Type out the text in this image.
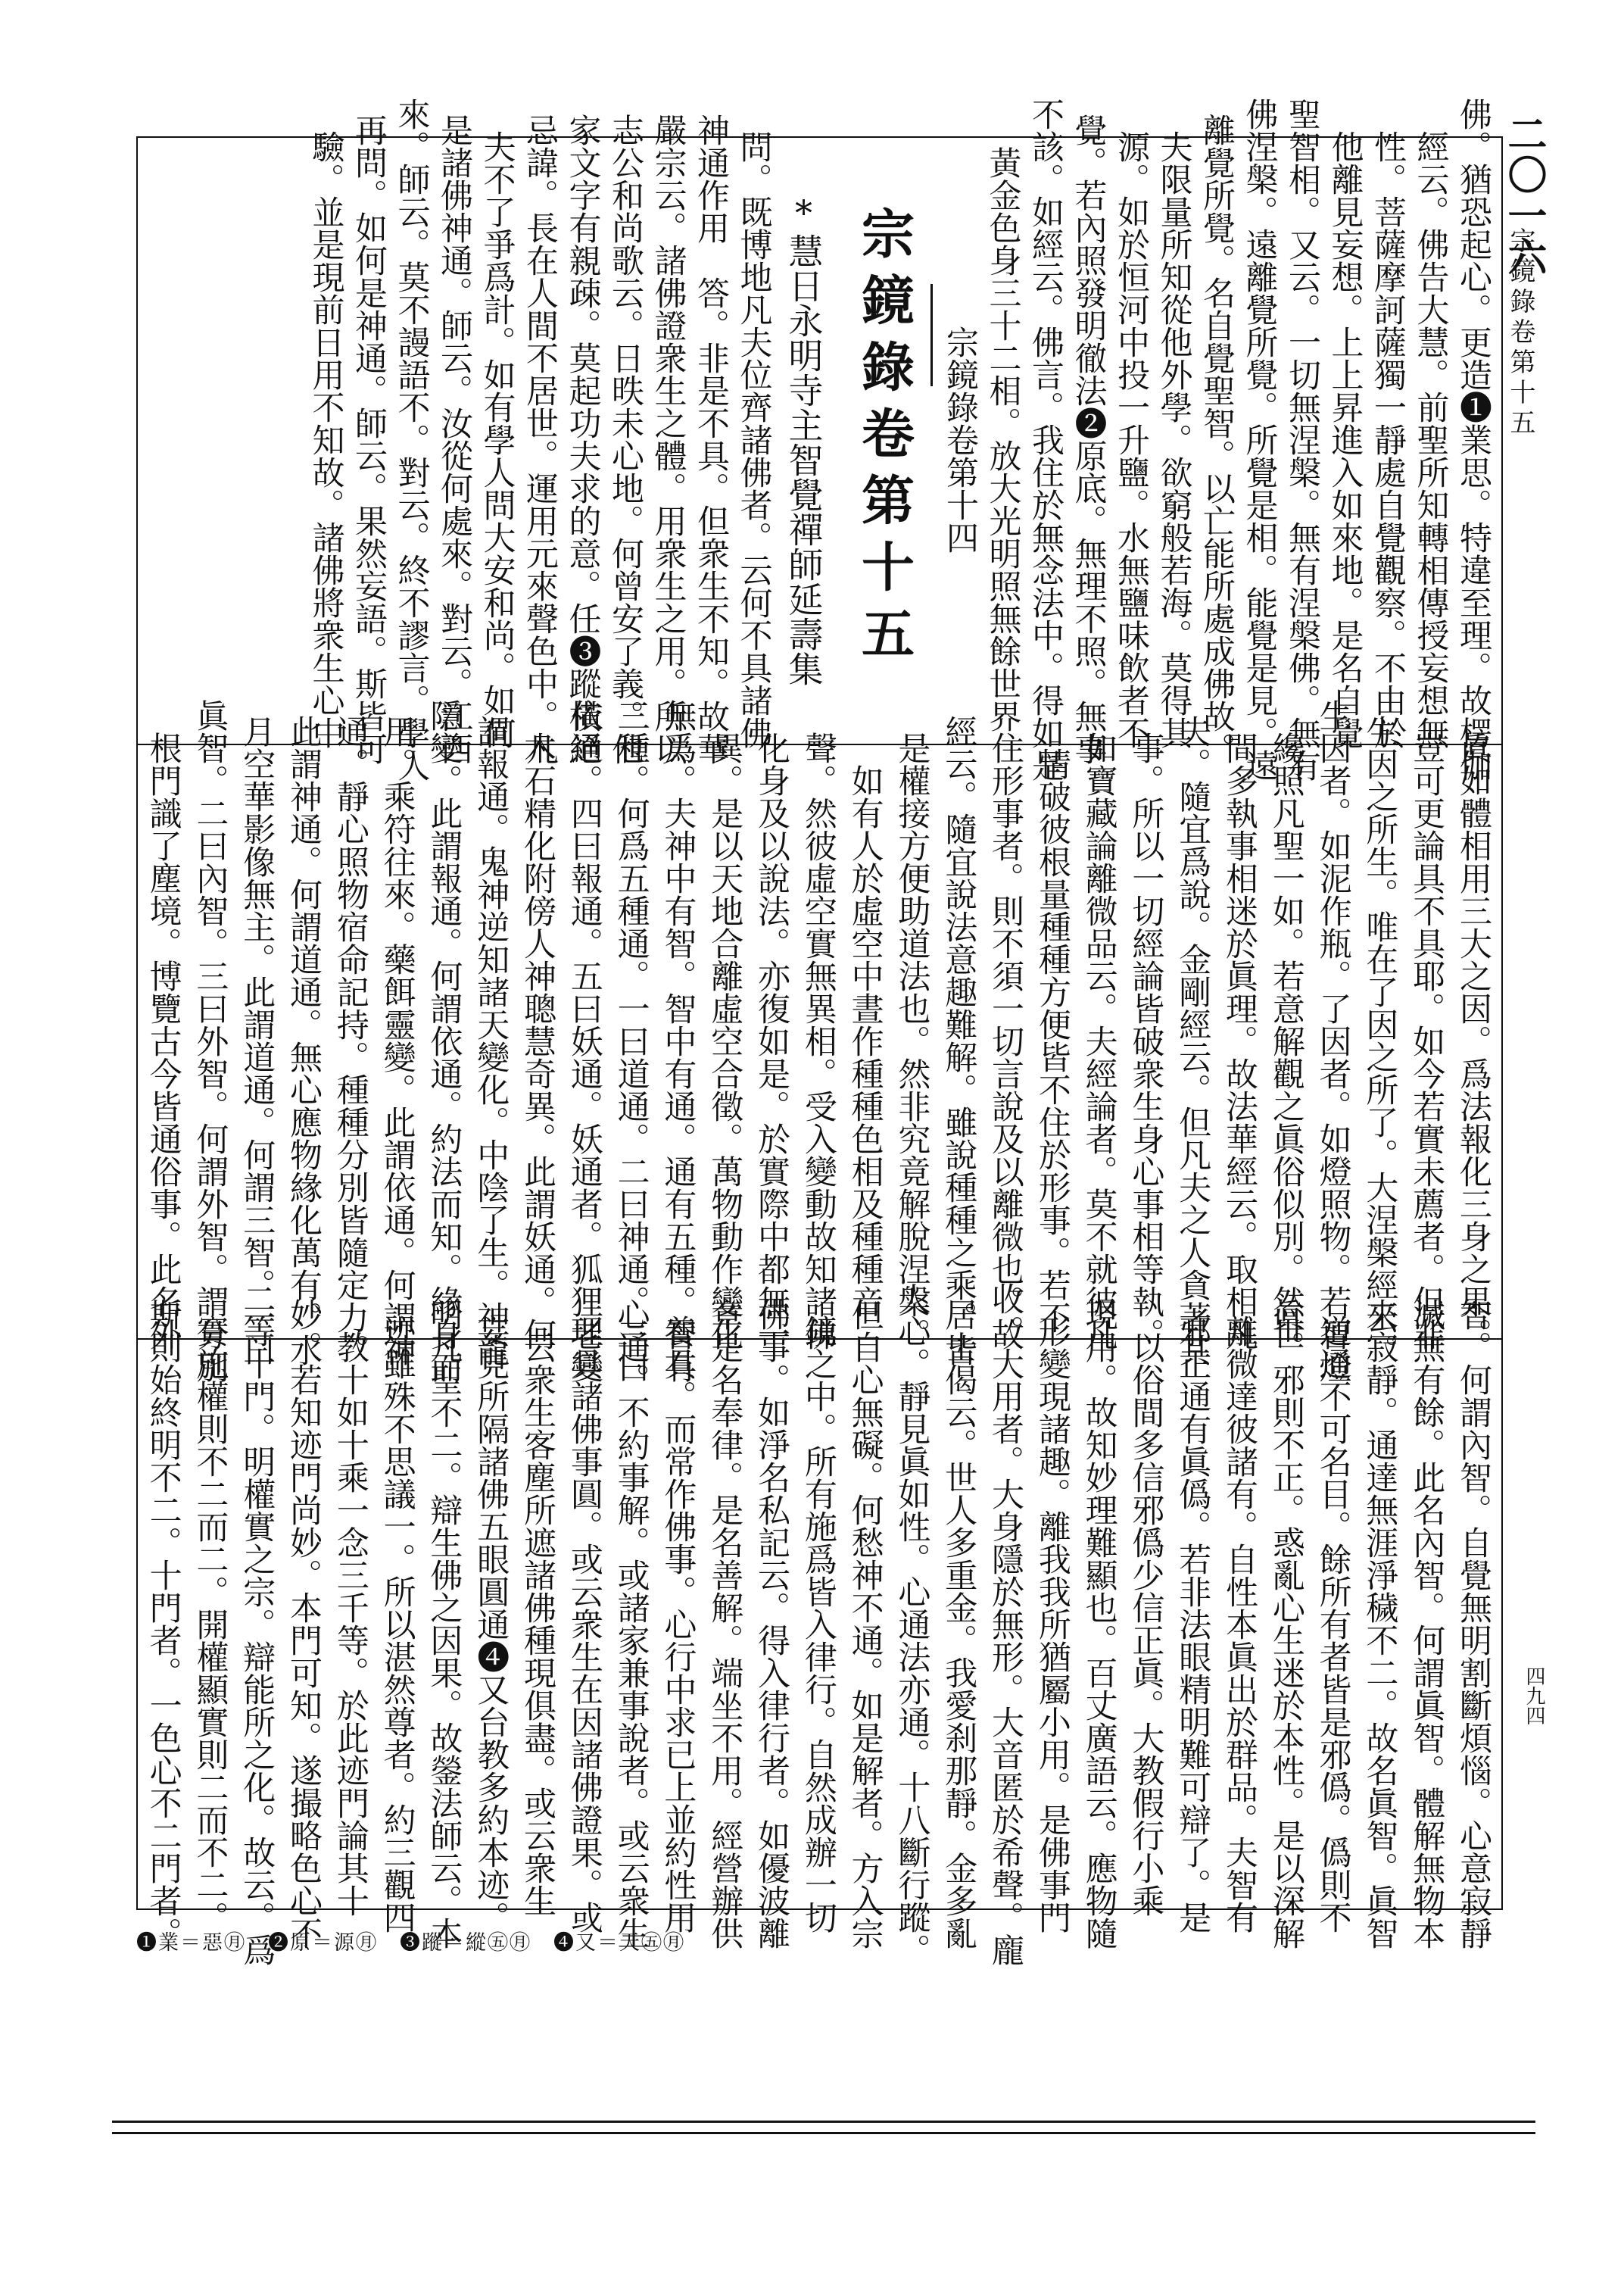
二〇一六
宗鏡錄卷第十五
四九四
佛。猶恐起心。更造❶業思。特違至理。故楞伽
經云。佛告大慧。前聖所知轉相傳授妄想無
性。菩薩摩訶薩獨一靜處自覺觀察。不由於
他離見妄想。上上昇進入如來地。是名自覺
聖智相。又云。一切無涅槃。無有涅槃佛。無有
佛涅槃。遠離覺所覺。所覺是相。能覺是見。遠
離覺所覺。名自覺聖智。以亡能所處成佛故。
夫限量所知從他外學。欲窮般若海。莫得其
源。如於恒河中投一升鹽。水無鹽味飲者不
覺。若內照發明徹法❷原底。無理不照。無事
不該。如經云。佛言。我住於無念法中。得如是
黃金色身三十二相。放大光明照無餘世界
宗鏡錄卷第十四
宗鏡錄卷第十五
*慧日永明寺主智覺禪師延壽集
問。既博地凡夫位齊諸佛者。云何不具諸佛
神通作用　答。非是不具。但衆生不知。故華
嚴宗云。諸佛證衆生之體。用衆生之用。所以
志公和尚歌云。日昳未心地。何曾安了義。他
家文字有親疎。莫起功夫求的意。任❸蹤橫絕
忌諱。長在人間不居世。運用元來聲色中。凡
夫不了爭爲計。如有學人問大安和尚。如何
是諸佛神通。師云。汝從何處來。對云。江西
來。師云。莫不謾語不。對云。終不謬言。學人
再問。如何是神通。師云。果然妄語。斯皆可
驗。並是現前日用不知故。諸佛將衆生心中
眞如體相用三大之因。爲法報化三身之果。
豈可更論具不具耶。如今若實未薦者。但非
生因之所生。唯在了因之所了。大涅槃經云。
生因者。如泥作瓶。了因者。如燈照物。若智燈
纔照凡聖一如。若意解觀之眞俗似別。然世
間多執事相迷於眞理。故法華經云。取相凡
夫。隨宜爲說。金剛經云。但凡夫之人貪著其
事。所以一切經論皆破衆生身心事相等執。
如寶藏論離微品云。夫經論者。莫不就彼凡
情破彼根量種種方便皆不住於形事。若不
住形事者。則不須一切言說及以離微也。故
經云。隨宜說法意趣難解。雖說種種之乘。皆
是權接方便助道法也。然非究竟解脫涅槃。
如有人於虛空中晝作種種色相及種種音
聲。然彼虛空實無異相。受入變動故知諸佛
化身及以說法。亦復如是。於實際中都無一
異。是以天地合離虛空合徵。萬物動作變化
無爲。夫神中有智。智中有通。通有五種。智有
三種。何爲五種通。一曰道通。二曰神通。三曰
依通。四曰報通。五曰妖通。妖通者。狐狸老變
木石精化附傍人神聰慧奇異。此謂妖通。何
謂報通。鬼神逆知諸天變化。中陰了生。神龍
隱變。此謂報通。何謂依通。約法而知。緣身而
用。乘符往來。藥餌靈變。此謂依通。何謂神
通。靜心照物宿命記持。種種分別皆隨定力。
此謂神通。何謂道通。無心應物緣化萬有。水
月空華影像無主。此謂道通。何謂三智。一曰
眞智。二曰內智。三曰外智。何謂外智。謂分別
根門識了塵境。博覽古今皆通俗事。此名外
智。何謂內智。自覺無明割斷煩惱。心意寂靜
滅無有餘。此名內智。何謂眞智。體解無物本
來寂靜。通達無涯淨穢不二。故名眞智。眞智
道通不可名目。餘所有者皆是邪僞。僞則不
眞。邪則不正。惑亂心生迷於本性。是以深解
離微達彼諸有。自性本眞出於群品。夫智有
邪正通有眞僞。若非法眼精明難可辯了。是
以俗間多信邪僞少信正眞。大教假行小乘
現用。故知妙理難顯也。百丈廣語云。應物隨
形變現諸趣。離我我所猶屬小用。是佛事門
收。大用者。大身隱於無形。大音匿於希聲。龐
居士偈云。世人多重金。我愛刹那靜。金多亂
人心。靜見眞如性。心通法亦通。十八斷行蹤。
但自心無礙。何愁神不通。如是解者。方入宗
鏡之中。所有施爲皆入律行。自然成辦一切
佛事。如淨名私記云。得入律行者。如優波離
章是名奉律。是名善解。端坐不用。經營辦供
養具。而常作佛事。心行中求已上並約性用
心通。不約事解。或諸家兼事說者。或云衆生
理具諸佛事圓。或云衆生在因諸佛證果。或
云衆生客塵所遮諸佛種現俱盡。或云衆生
妄見所隔諸佛五眼圓通❹又台教多約本迹。
明凡聖不二。辯生佛之因果。故鎣法師云。本
迹雖殊不思議一。所以湛然尊者。約三觀四
教十如十乘一念三千等。於此迹門論其十
妙。若知迹門尚妙。本門可知。遂撮略色心不
二等十門。明權實之宗。辯能所之化。故云。爲
實施權則不二而二。開權顯實則二而不二。
斯則始終明不二。十門者。一色心不二門者。
❶業＝惡㊊　❷原＝源㊊　❸蹤＝縱㊄㊊　❹又＝天㊄㊊
